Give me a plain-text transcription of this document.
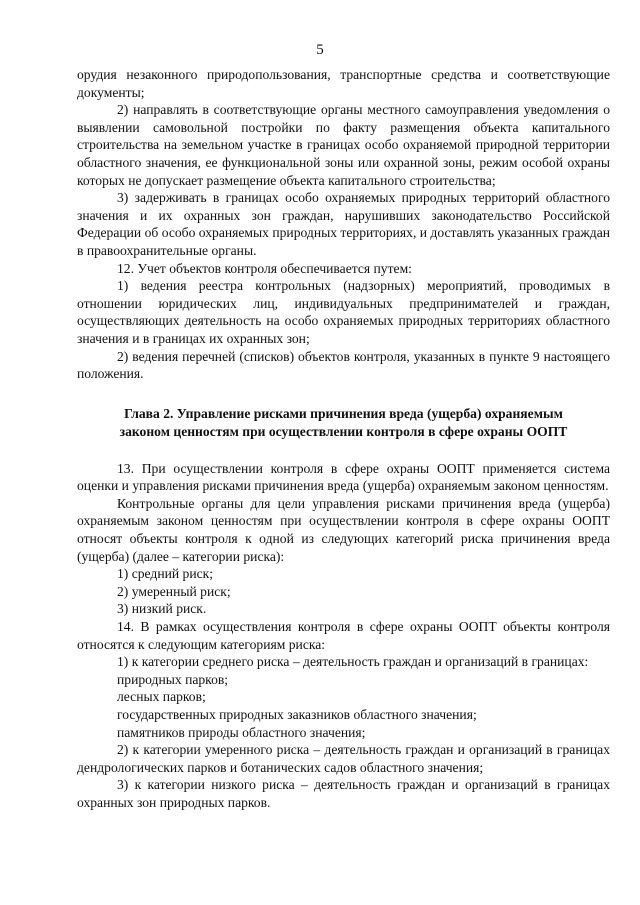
5

орудия незаконного природопользования, транспортные средства и соответствующие документы;

2) направлять в соответствующие органы местного самоуправления уведомления о выявлении самовольной постройки по факту размещения объекта капитального строительства на земельном участке в границах особо охраняемой природной территории областного значения, ее функциональной зоны или охранной зоны, режим особой охраны которых не допускает размещение объекта капитального строительства;

3) задерживать в границах особо охраняемых природных территорий областного значения и их охранных зон граждан, нарушивших законодательство Российской Федерации об особо охраняемых природных территориях, и доставлять указанных граждан в правоохранительные органы.

12. Учет объектов контроля обеспечивается путем:

1) ведения реестра контрольных (надзорных) мероприятий, проводимых в отношении юридических лиц, индивидуальных предпринимателей и граждан, осуществляющих деятельность на особо охраняемых природных территориях областного значения и в границах их охранных зон;

2) ведения перечней (списков) объектов контроля, указанных в пункте 9 настоящего положения.

Глава 2. Управление рисками причинения вреда (ущерба) охраняемым
законом ценностям при осуществлении контроля в сфере охраны ООПТ

13. При осуществлении контроля в сфере охраны ООПТ применяется система оценки и управления рисками причинения вреда (ущерба) охраняемым законом ценностям.

Контрольные органы для цели управления рисками причинения вреда (ущерба) охраняемым законом ценностям при осуществлении контроля в сфере охраны ООПТ относят объекты контроля к одной из следующих категорий риска причинения вреда (ущерба) (далее – категории риска):

1) средний риск;

2) умеренный риск;

3) низкий риск.

14. В рамках осуществления контроля в сфере охраны ООПТ объекты контроля относятся к следующим категориям риска:

1) к категории среднего риска – деятельность граждан и организаций в границах:

природных парков;

лесных парков;

государственных природных заказников областного значения;

памятников природы областного значения;

2) к категории умеренного риска – деятельность граждан и организаций в границах дендрологических парков и ботанических садов областного значения;

3) к категории низкого риска – деятельность граждан и организаций в границах охранных зон природных парков.
